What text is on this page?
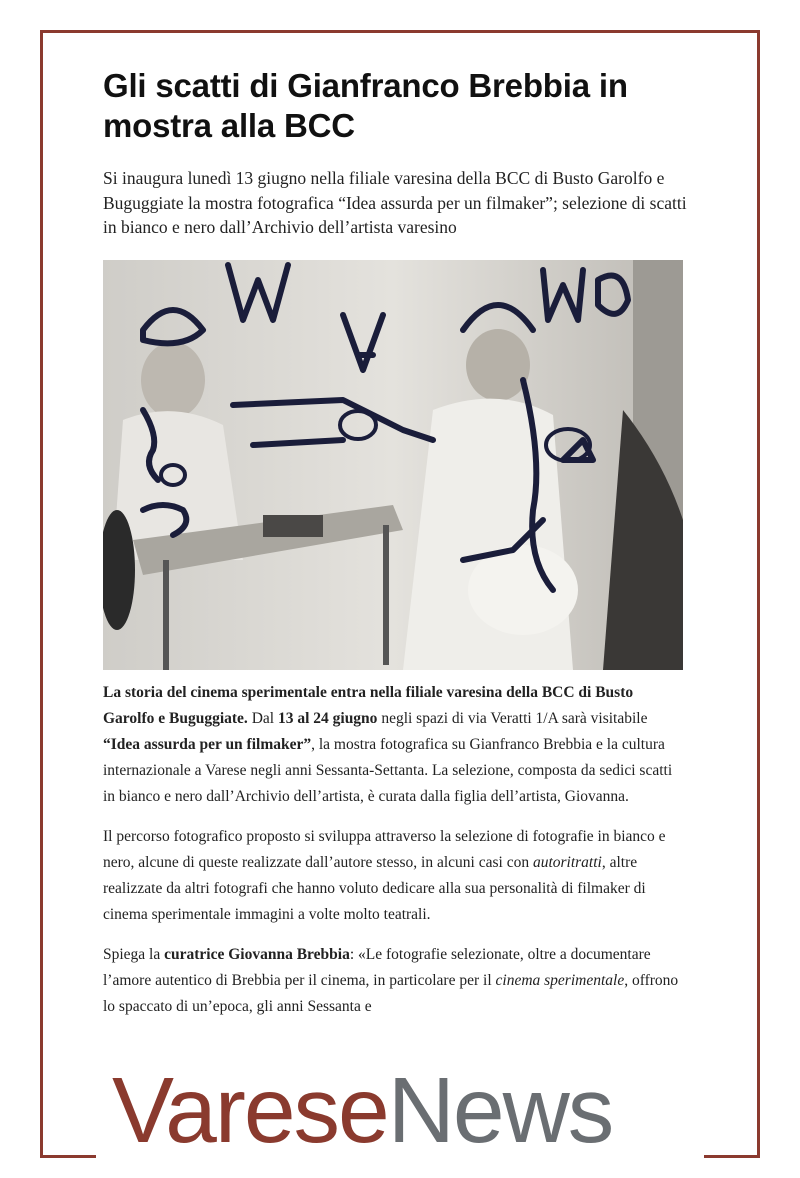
Gli scatti di Gianfranco Brebbia in mostra alla BCC

Si inaugura lunedì 13 giugno nella filiale varesina della BCC di Busto Garolfo e Buguggiate la mostra fotografica “Idea assurda per un filmaker”; selezione di scatti in bianco e nero dall’Archivio dell’artista varesino

La storia del cinema sperimentale entra nella filiale varesina della BCC di Busto Garolfo e Buguggiate. Dal 13 al 24 giugno negli spazi di via Veratti 1/A sarà visitabile “Idea assurda per un filmaker”, la mostra fotografica su Gianfranco Brebbia e la cultura internazionale a Varese negli anni Sessanta-Settanta. La selezione, composta da sedici scatti in bianco e nero dall’Archivio dell’artista, è curata dalla figlia dell’artista, Giovanna.

Il percorso fotografico proposto si sviluppa attraverso la selezione di fotografie in bianco e nero, alcune di queste realizzate dall’autore stesso, in alcuni casi con autoritratti, altre realizzate da altri fotografi che hanno voluto dedicare alla sua personalità di filmaker di cinema sperimentale immagini a volte molto teatrali.

Spiega la curatrice Giovanna Brebbia: «Le fotografie selezionate, oltre a documentare l’amore autentico di Brebbia per il cinema, in particolare per il cinema sperimentale, offrono lo spaccato di un’epoca, gli anni Sessanta e

VareseNews
